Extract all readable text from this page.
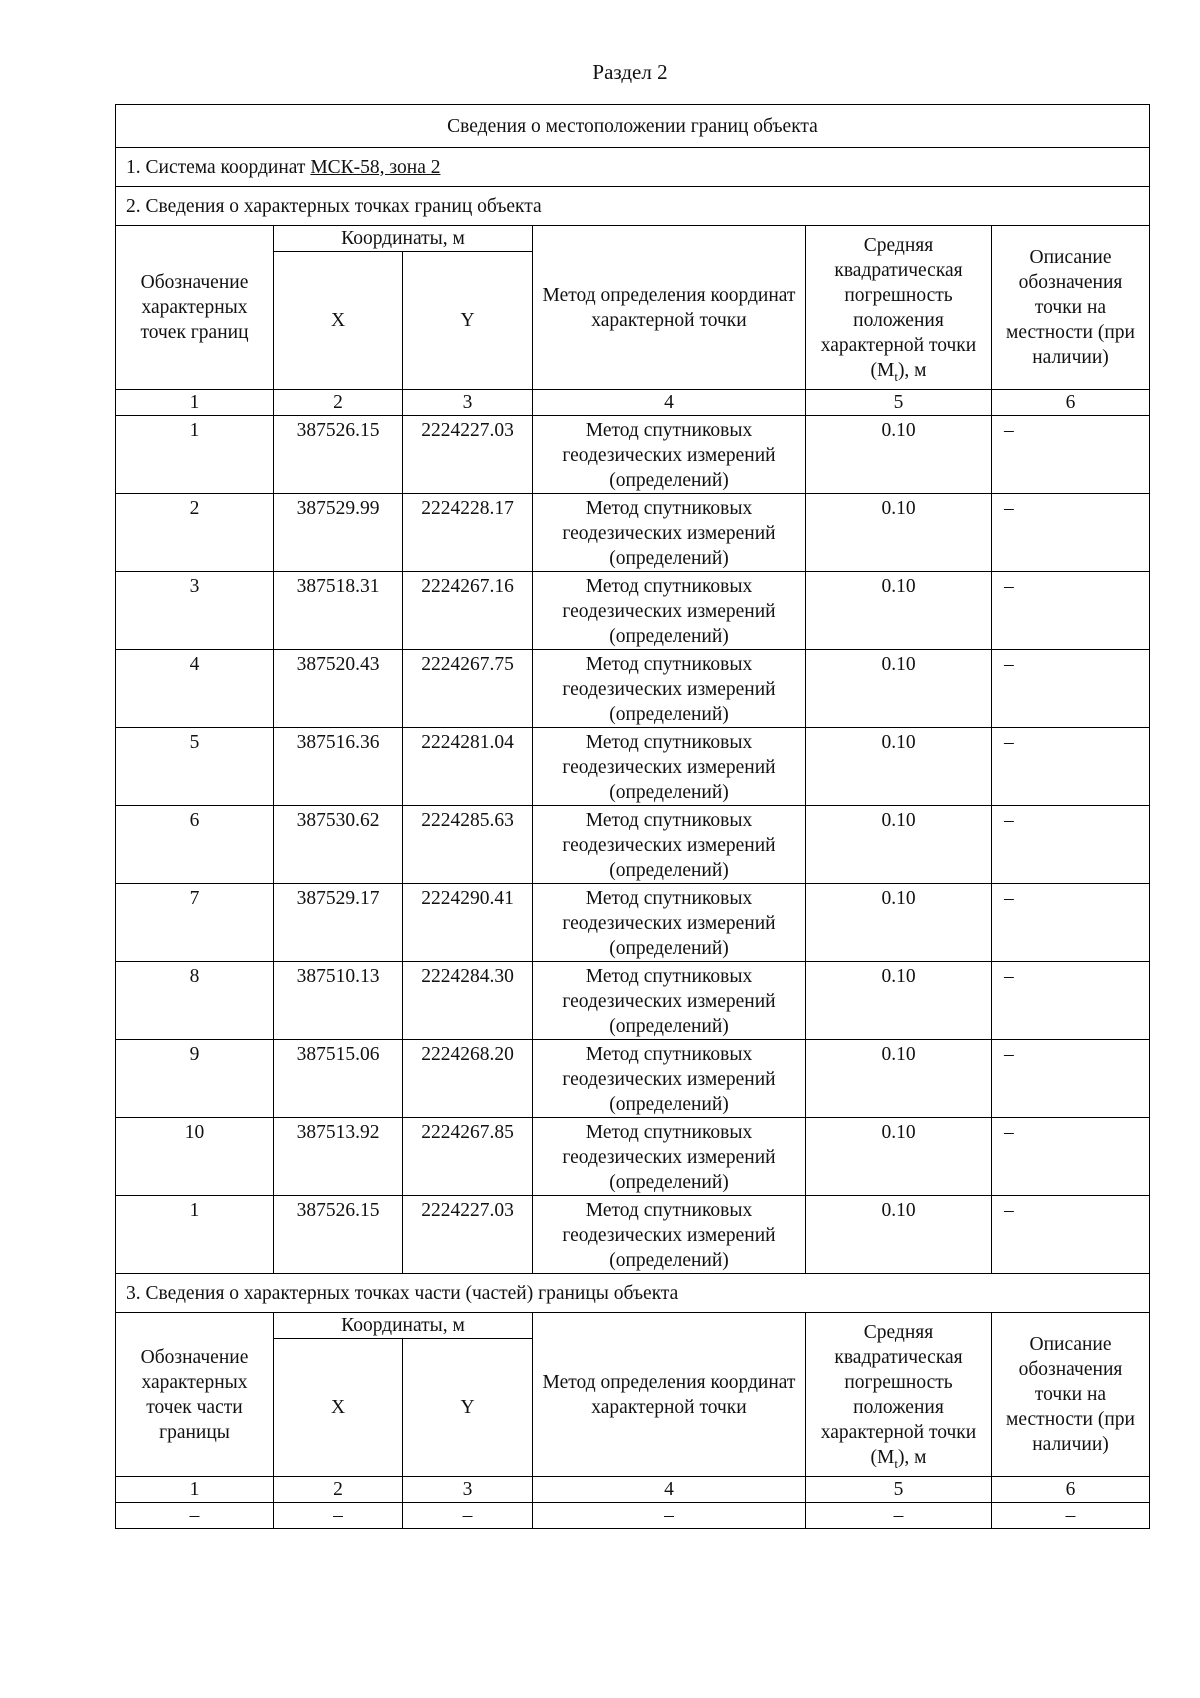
Раздел 2
Сведения о местоположении границ объекта					
1. Система координат МСК-58, зона 2					
2. Сведения о характерных точках границ объекта					
Обозначение характерных точек границ	Координаты, м		Метод определения координат характерной точки	Средняя квадратическая погрешность положения характерной точки $(M_t)$, м	Описание обозначения точки на местности (при наличии)
	X	Y			
1	2	3	4	5	6
1	387526.15	2224227.03	Метод спутниковых геодезических измерений (определений)	0.10	–
2	387529.99	2224228.17	Метод спутниковых геодезических измерений (определений)	0.10	–
3	387518.31	2224267.16	Метод спутниковых геодезических измерений (определений)	0.10	–
4	387520.43	2224267.75	Метод спутниковых геодезических измерений (определений)	0.10	–
5	387516.36	2224281.04	Метод спутниковых геодезических измерений (определений)	0.10	–
6	387530.62	2224285.63	Метод спутниковых геодезических измерений (определений)	0.10	–
7	387529.17	2224290.41	Метод спутниковых геодезических измерений (определений)	0.10	–
8	387510.13	2224284.30	Метод спутниковых геодезических измерений (определений)	0.10	–
9	387515.06	2224268.20	Метод спутниковых геодезических измерений (определений)	0.10	–
10	387513.92	2224267.85	Метод спутниковых геодезических измерений (определений)	0.10	–
1	387526.15	2224227.03	Метод спутниковых геодезических измерений (определений)	0.10	–
3. Сведения о характерных точках части (частей) границы объекта					
Обозначение характерных точек части границы	Координаты, м		Метод определения координат характерной точки	Средняя квадратическая погрешность положения характерной точки $(M_t)$, м	Описание обозначения точки на местности (при наличии)
	X	Y			
1	2	3	4	5	6
–	–	–	–	–	–
